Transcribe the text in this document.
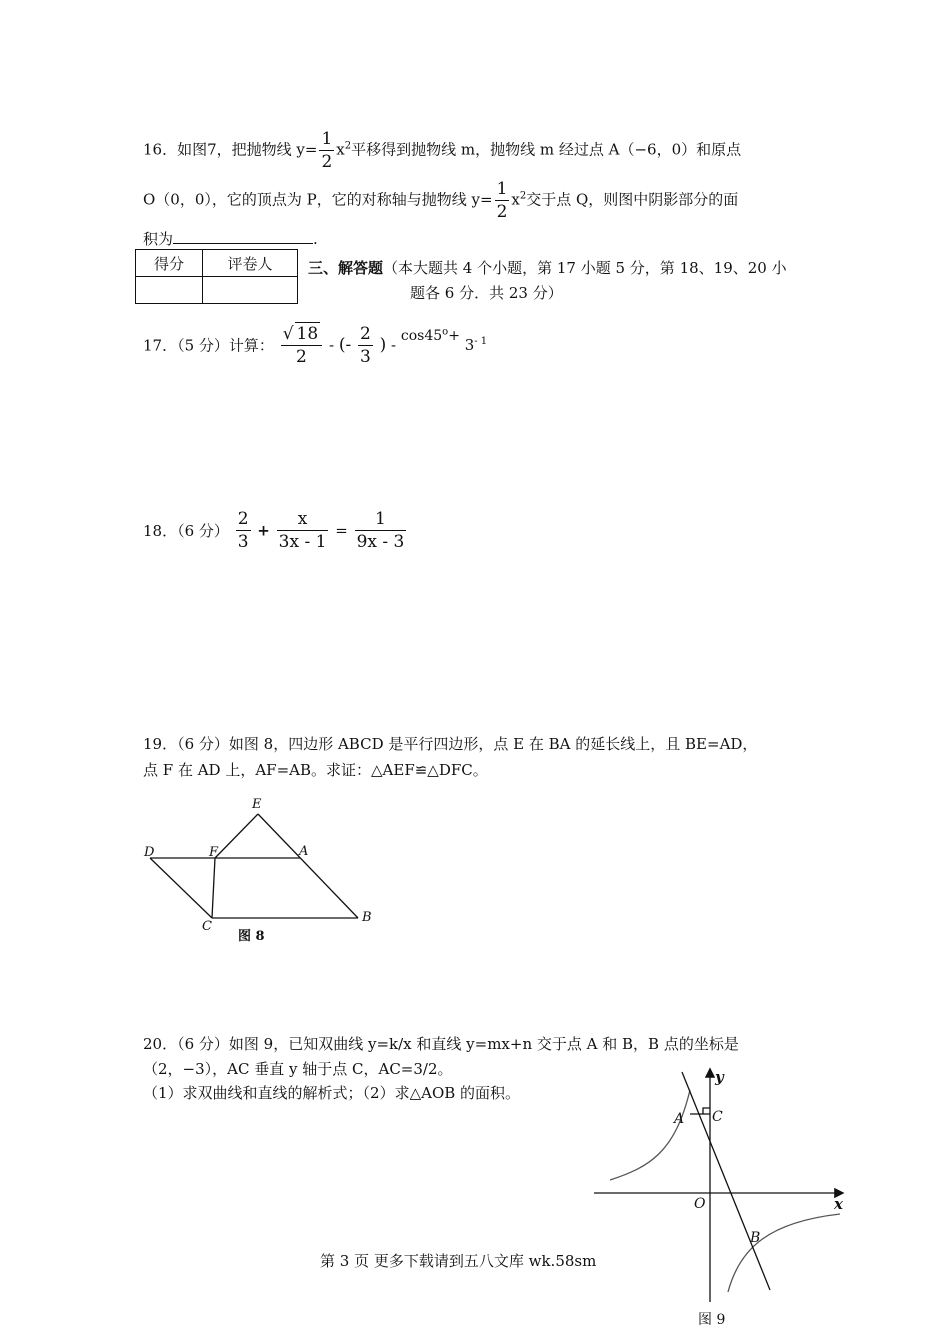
16．如图7，把抛物线 $y= \frac{1}{2} x^2$平移得到抛物线 m，抛物线 m 经过点 A（−6，0）和原点
O（0，0），它的顶点为 P，它的对称轴与抛物线 $y= \frac{1}{2} x^2$交于点 Q，则图中阴影部分的面
积为	.
得分	评卷人
	三、解答题（本大题共 4 个小题，第 17 小题 5 分，第 18、19、20 小
题各 6 分．共 23 分）
17．（5 分）计算： $\frac{√ 18}{2}$ - (- $\frac{2}{3}$ ) - $\cos 45^o+ 3^{- 1}$
18．（6 分） $\frac{2}{3} + \frac{x}{3x - 1} = \frac{1}{9x - 3}$
19．（6 分）如图 8，四边形 ABCD 是平行四边形，点 E 在 BA 的延长线上，且 BE=AD，
点 F 在 AD 上，AF=AB。求证：△AEF≌△DFC。
E
D	F	A
C
B
图 8
20．（6 分）如图 9，已知双曲线 y=k/x 和直线 y=mx+n 交于点 A 和 B，B 点的坐标是
（2，−3），AC 垂直 y 轴于点 C，AC=3/2。
（1）求双曲线和直线的解析式；（2）求△AOB 的面积。
y
x
A C
O
B
图 9
第 3 页 更多下载请到五八文库 wk.58sm
